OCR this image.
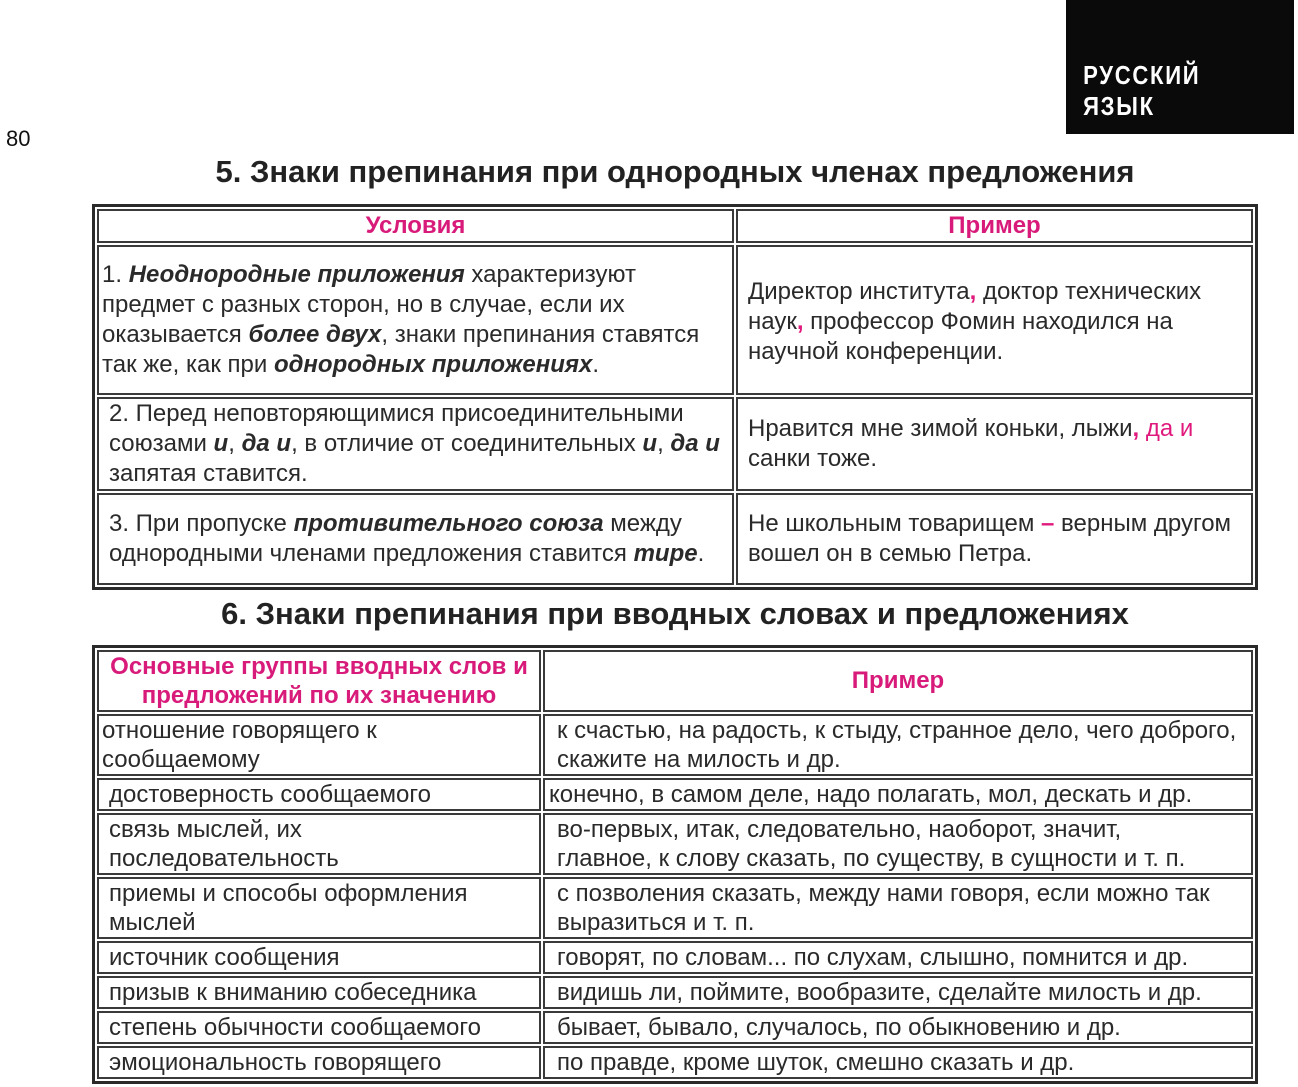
80
РУССКИЙ ЯЗЫК
5. Знаки препинания при однородных членах предложения
Условия	Пример
1. Неоднородные приложения характеризуют предмет с разных сторон, но в случае, если их оказывается более двух, знаки препинания ставятся так же, как при однородных приложениях.	Директор института, доктор технических наук, профессор Фомин находился на научной конференции.
2. Перед неповторяющимися присоединительными союзами и, да и, в отличие от соединительных и, да и запятая ставится.	Нравится мне зимой коньки, лыжи, да и санки тоже.
3. При пропуске противительного союза между однородными членами предложения ставится тире.	Не школьным товарищем – верным другом вошел он в семью Петра.
6. Знаки препинания при вводных словах и предложениях
Основные группы вводных слов и предложений по их значению	Пример
отношение говорящего к сообщаемому	к счастью, на радость, к стыду, странное дело, чего доброго, скажите на милость и др.
достоверность сообщаемого	конечно, в самом деле, надо полагать, мол, дескать и др.
связь мыслей, их последовательность	во-первых, итак, следовательно, наоборот, значит, главное, к слову сказать, по существу, в сущности и т. п.
приемы и способы оформления мыслей	с позволения сказать, между нами говоря, если можно так выразиться и т. п.
источник сообщения	говорят, по словам... по слухам, слышно, помнится и др.
призыв к вниманию собеседника	видишь ли, поймите, вообразите, сделайте милость и др.
степень обычности сообщаемого	бывает, бывало, случалось, по обыкновению и др.
эмоциональность говорящего	по правде, кроме шуток, смешно сказать и др.
